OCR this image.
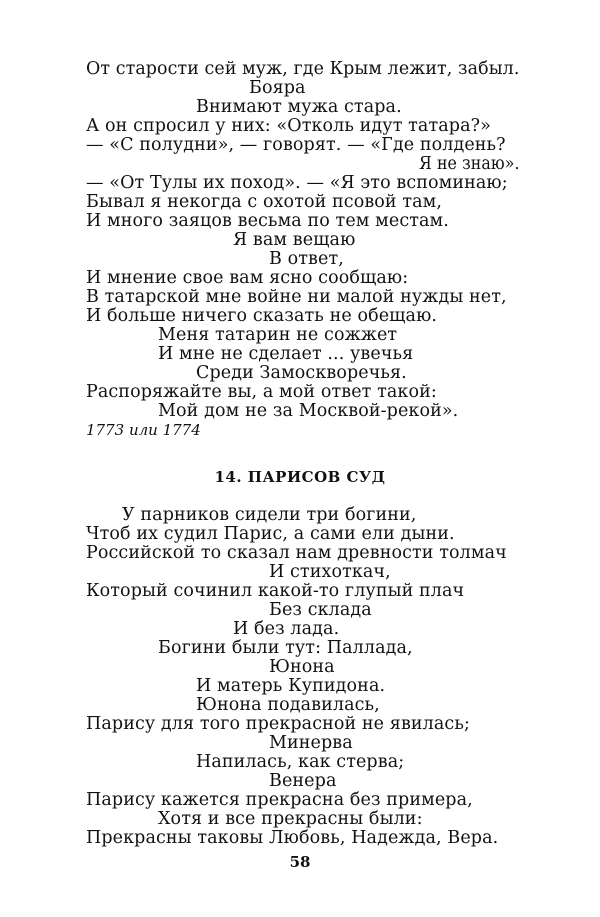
От старости сей муж, где Крым лежит, забыл.
Бояра
Внимают мужа стара.
А он спросил у них: «Отколь идут татара?»
— «С полудни», — говорят. — «Где полдень?
Я не знаю».
— «От Тулы их поход». — «Я это вспоминаю;
Бывал я некогда с охотой псовой там,
И много заяцов весьма по тем местам.
Я вам вещаю
В ответ,
И мнение свое вам ясно сообщаю:
В татарской мне войне ни малой нужды нет,
И больше ничего сказать не обещаю.
Меня татарин не сожжет
И мне не сделает ... увечья
Среди Замоскворечья.
Распоряжайте вы, а мой ответ такой:
Мой дом не за Москвой-рекой».
1773 или 1774
14. ПАРИСОВ СУД
У парников сидели три богини,
Чтоб их судил Парис, а сами ели дыни.
Российской то сказал нам древности толмач
И стихоткач,
Который сочинил какой-то глупый плач
Без склада
И без лада.
Богини были тут: Паллада,
Юнона
И матерь Купидона.
Юнона подавилась,
Парису для того прекрасной не явилась;
Минерва
Напилась, как стерва;
Венера
Парису кажется прекрасна без примера,
Хотя и все прекрасны были:
Прекрасны таковы Любовь, Надежда, Вера.
58
